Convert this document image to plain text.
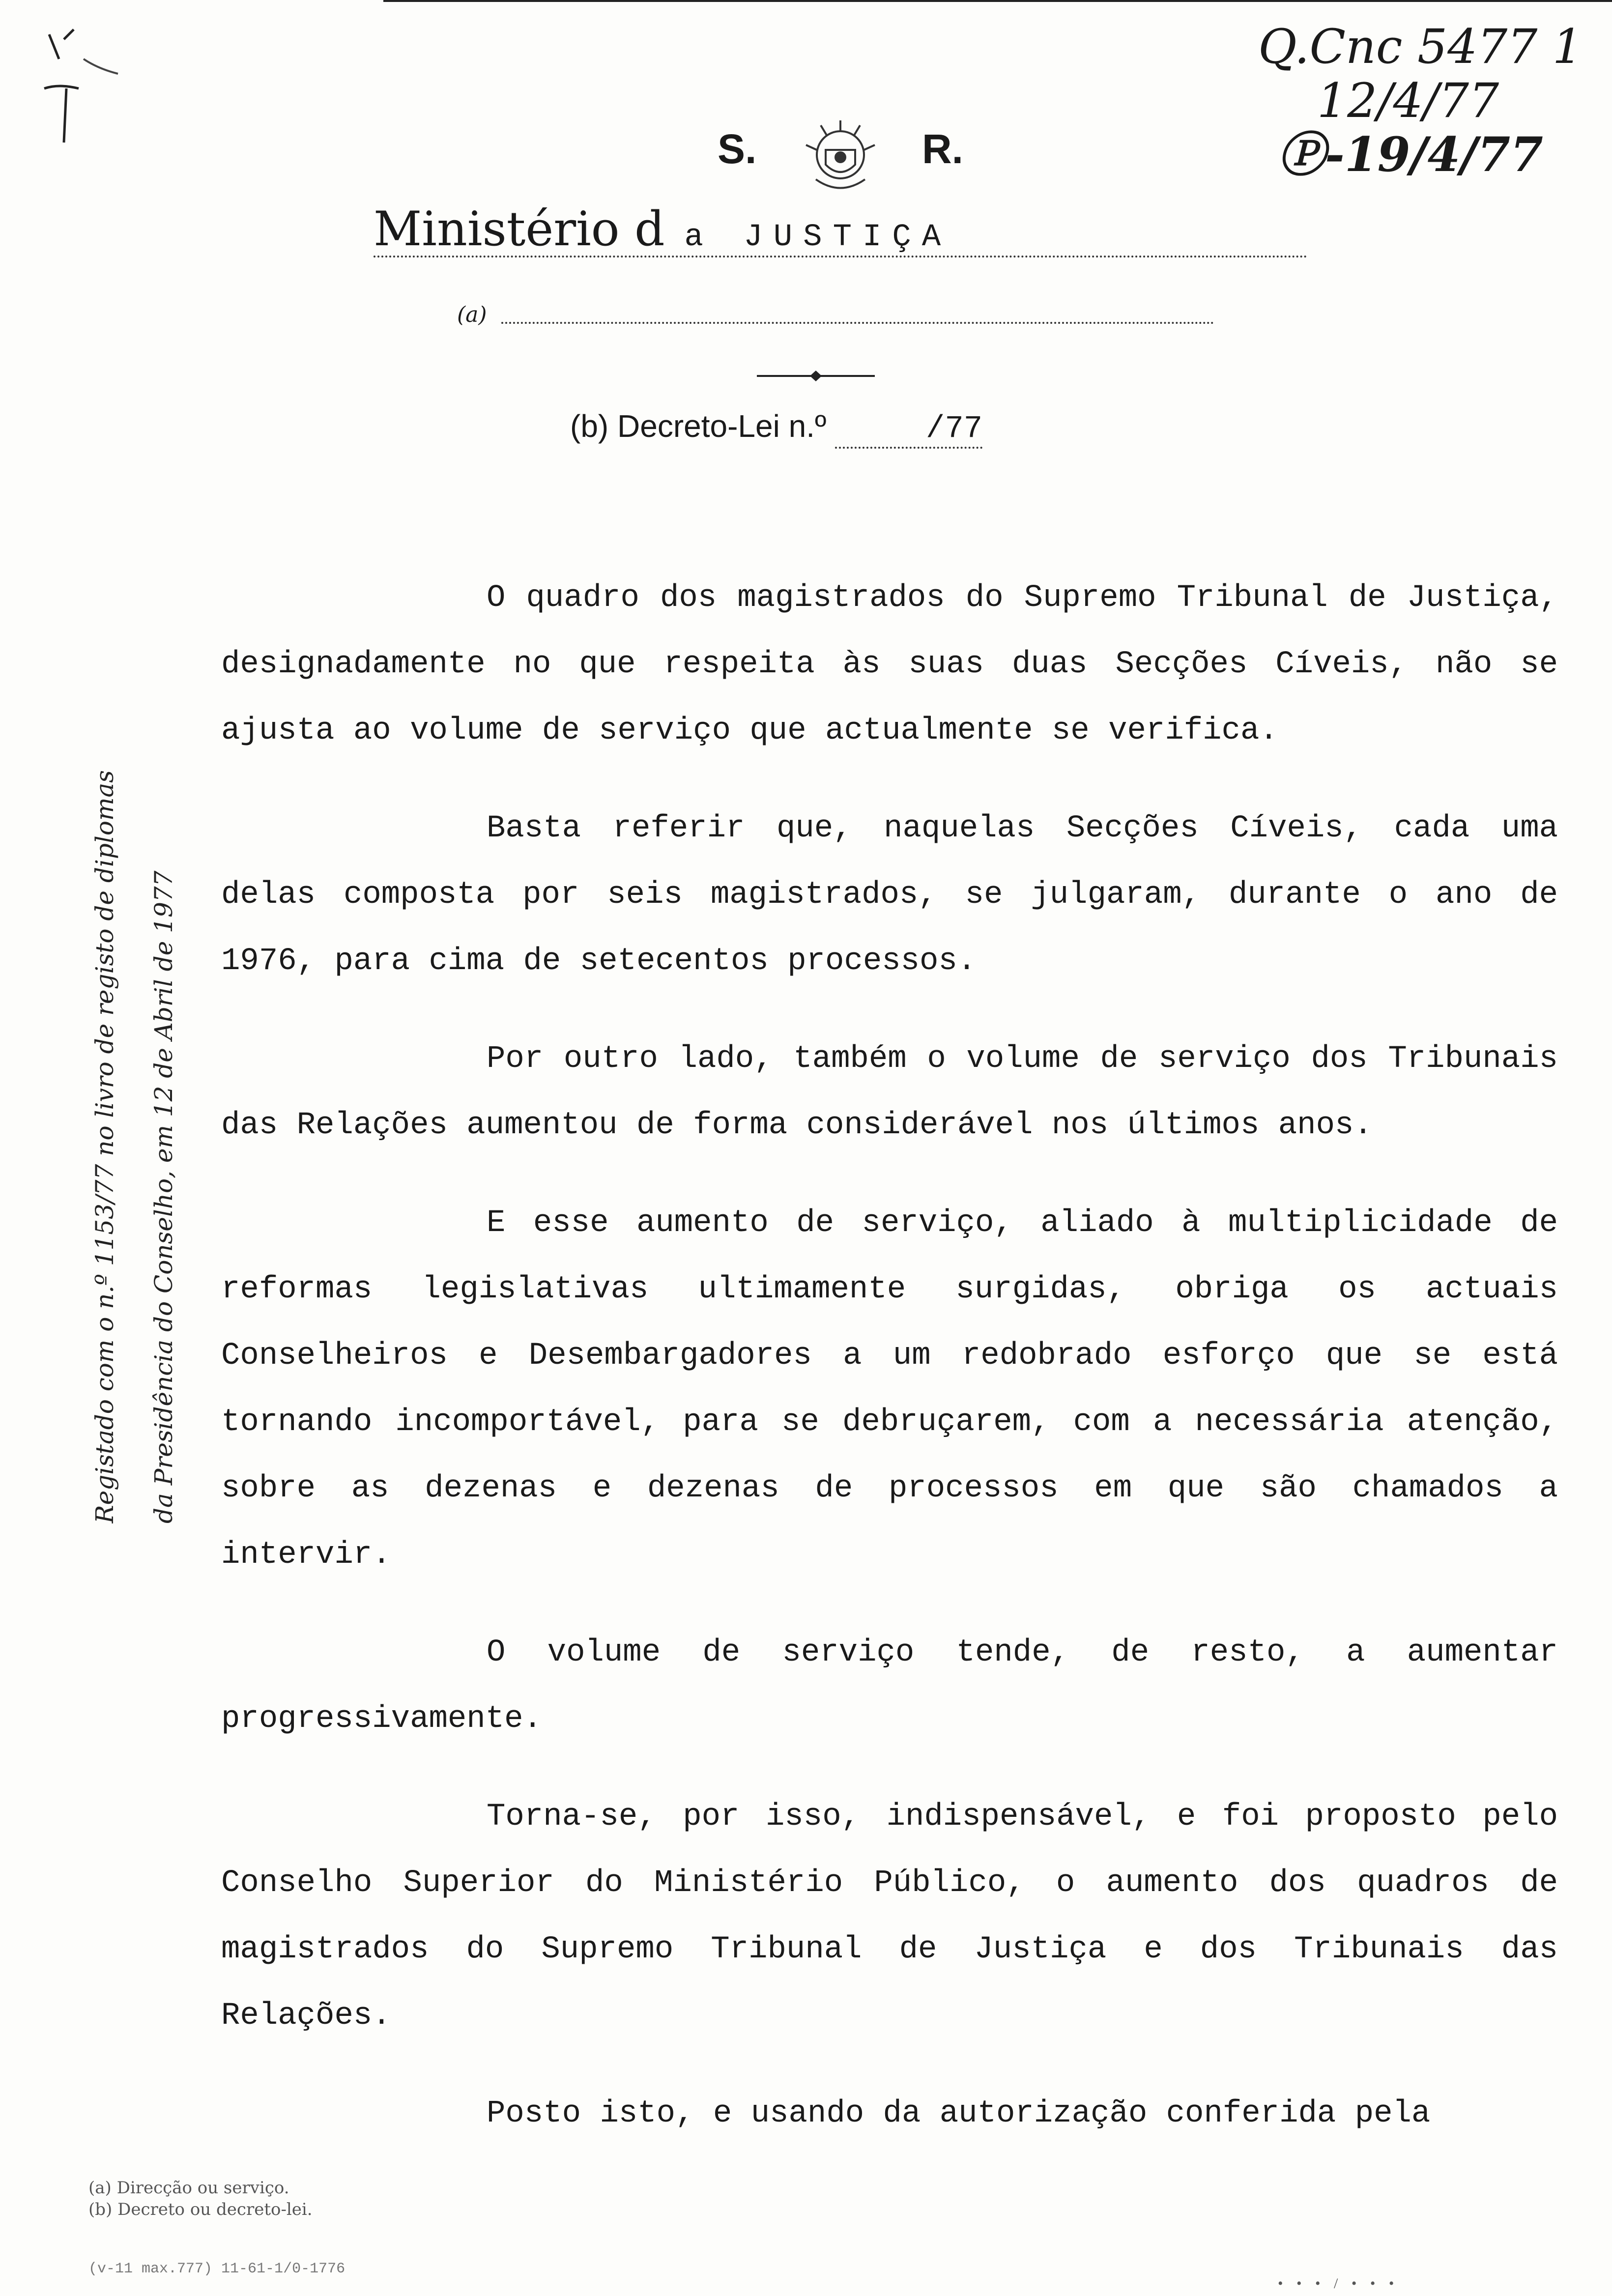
Q.Cnc 5477 1
12/4/77
Ⓟ-19/4/77
S.	R.
Ministério d a JUSTIÇA
(a)
(b) Decreto-Lei n.º	/77
Registado com o n.º 1153/77 no livro de registo de diplomas da Presidência do Conselho, em 12 de Abril de 1977

O quadro dos magistrados do Supremo Tribunal de Justiça, designadamente no que respeita às suas duas Secções Cíveis, não se ajusta ao volume de serviço que actualmente se verifica.

Basta referir que, naquelas Secções Cíveis, cada uma delas composta por seis magistrados, se julgaram, durante o ano de 1976, para cima de setecentos processos.

Por outro lado, também o volume de serviço dos Tribunais das Relações aumentou de forma considerável nos últimos anos.

E esse aumento de serviço, aliado à multiplicidade de reformas legislativas ultimamente surgidas, obriga os actuais Conselheiros e Desembargadores a um redobrado esforço que se está tornando incomportável, para se debruçarem, com a necessária atenção, sobre as dezenas e dezenas de processos em que são chamados a intervir.

O volume de serviço tende, de resto, a aumentar progressivamente.

Torna-se, por isso, indispensável, e foi proposto pelo Conselho Superior do Ministério Público, o aumento dos quadros de magistrados do Supremo Tribunal de Justiça e dos Tribunais das Relações.

Posto isto, e usando da autorização conferida pela

(a) Direcção ou serviço.
(b) Decreto ou decreto-lei.
(v-11 max.777) 11-61-1/0-1776
• • • / • • •
